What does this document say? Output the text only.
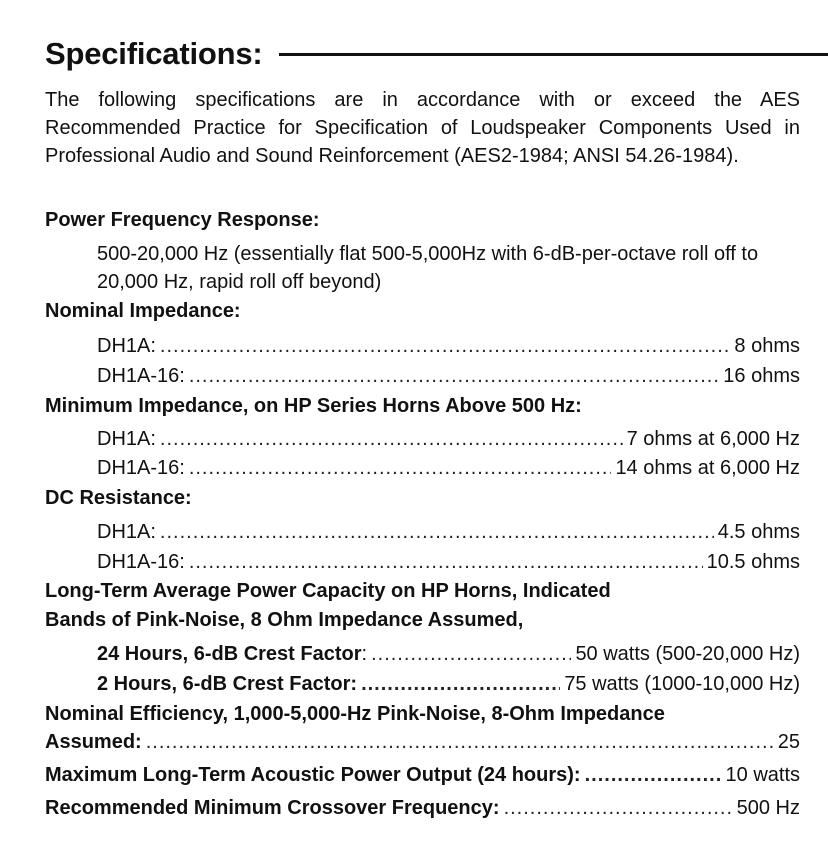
Specifications:

The following specifications are in accordance with or exceed the AES Recommended Practice for Specification of Loudspeaker Components Used in Professional Audio and Sound Reinforcement (AES2-1984; ANSI 54.26-1984).

Power Frequency Response:

500-20,000 Hz (essentially flat 500-5,000Hz with 6-dB-per-octave roll off to 20,000 Hz, rapid roll off beyond)

Nominal Impedance:

DH1A: .....	8 ohms
DH1A-16: .....	16 ohms

Minimum Impedance, on HP Series Horns Above 500 Hz:

DH1A: .....	7 ohms at 6,000 Hz
DH1A-16: .....	14 ohms at 6,000 Hz

DC Resistance:

DH1A: .....	4.5 ohms
DH1A-16: .....	10.5 ohms

Long-Term Average Power Capacity on HP Horns, Indicated
Bands of Pink-Noise, 8 Ohm Impedance Assumed,

24 Hours, 6-dB Crest Factor: .....	50 watts (500-20,000 Hz)
2 Hours, 6-dB Crest Factor: .....	75 watts (1000-10,000 Hz)

Nominal Efficiency, 1,000-5,000-Hz Pink-Noise, 8-Ohm Impedance

Assumed: .....	25
Maximum Long-Term Acoustic Power Output (24 hours): .....	10 watts
Recommended Minimum Crossover Frequency: .....	500 Hz
